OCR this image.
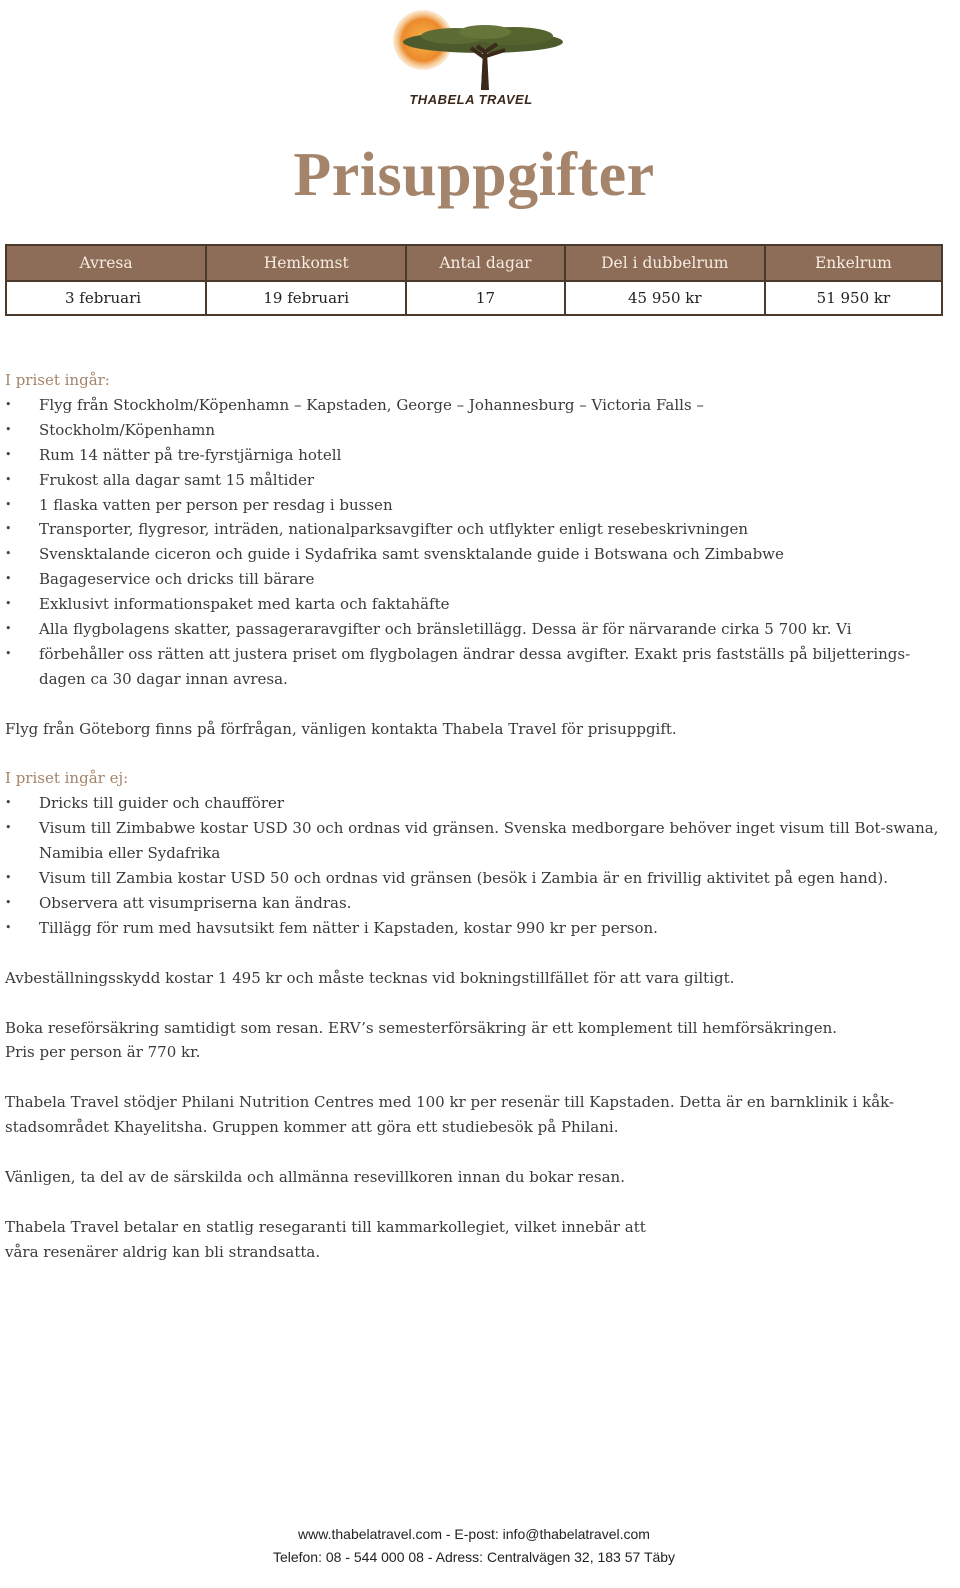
THABELA TRAVEL
Prisuppgifter
Avresa	Hemkomst	Antal dagar	Del i dubbelrum	Enkelrum
3 februari	19 februari	17	45 950 kr	51 950 kr

I priset ingår:

• Flyg från Stockholm/Köpenhamn – Kapstaden, George – Johannesburg – Victoria Falls –
• Stockholm/Köpenhamn
• Rum 14 nätter på tre-fyrstjärniga hotell
• Frukost alla dagar samt 15 måltider
• 1 flaska vatten per person per resdag i bussen
• Transporter, flygresor, inträden, nationalparksavgifter och utflykter enligt resebeskrivningen
• Svensktalande ciceron och guide i Sydafrika samt svensktalande guide i Botswana och Zimbabwe
• Bagageservice och dricks till bärare
• Exklusivt informationspaket med karta och faktahäfte
• Alla flygbolagens skatter, passageraravgifter och bränsletillägg. Dessa är för närvarande cirka 5 700 kr. Vi
• förbehåller oss rätten att justera priset om flygbolagen ändrar dessa avgifter. Exakt pris fastställs på biljetterings-dagen ca 30 dagar innan avresa.

Flyg från Göteborg finns på förfrågan, vänligen kontakta Thabela Travel för prisuppgift.

I priset ingår ej:

• Dricks till guider och chaufförer
• Visum till Zimbabwe kostar USD 30 och ordnas vid gränsen. Svenska medborgare behöver inget visum till Bot-swana, Namibia eller Sydafrika
• Visum till Zambia kostar USD 50 och ordnas vid gränsen (besök i Zambia är en frivillig aktivitet på egen hand).
• Observera att visumpriserna kan ändras.
• Tillägg för rum med havsutsikt fem nätter i Kapstaden, kostar 990 kr per person.

Avbeställningsskydd kostar 1 495 kr och måste tecknas vid bokningstillfället för att vara giltigt.

Boka reseförsäkring samtidigt som resan. ERV’s semesterförsäkring är ett komplement till hemförsäkringen.

Pris per person är 770 kr.

Thabela Travel stödjer Philani Nutrition Centres med 100 kr per resenär till Kapstaden. Detta är en barnklinik i kåk-stadsområdet Khayelitsha. Gruppen kommer att göra ett studiebesök på Philani.

Vänligen, ta del av de särskilda och allmänna resevillkoren innan du bokar resan.

Thabela Travel betalar en statlig resegaranti till kammarkollegiet, vilket innebär att

våra resenärer aldrig kan bli strandsatta.

www.thabelatravel.com - E-post: info@thabelatravel.com
Telefon: 08 - 544 000 08 - Adress: Centralvägen 32, 183 57 Täby
